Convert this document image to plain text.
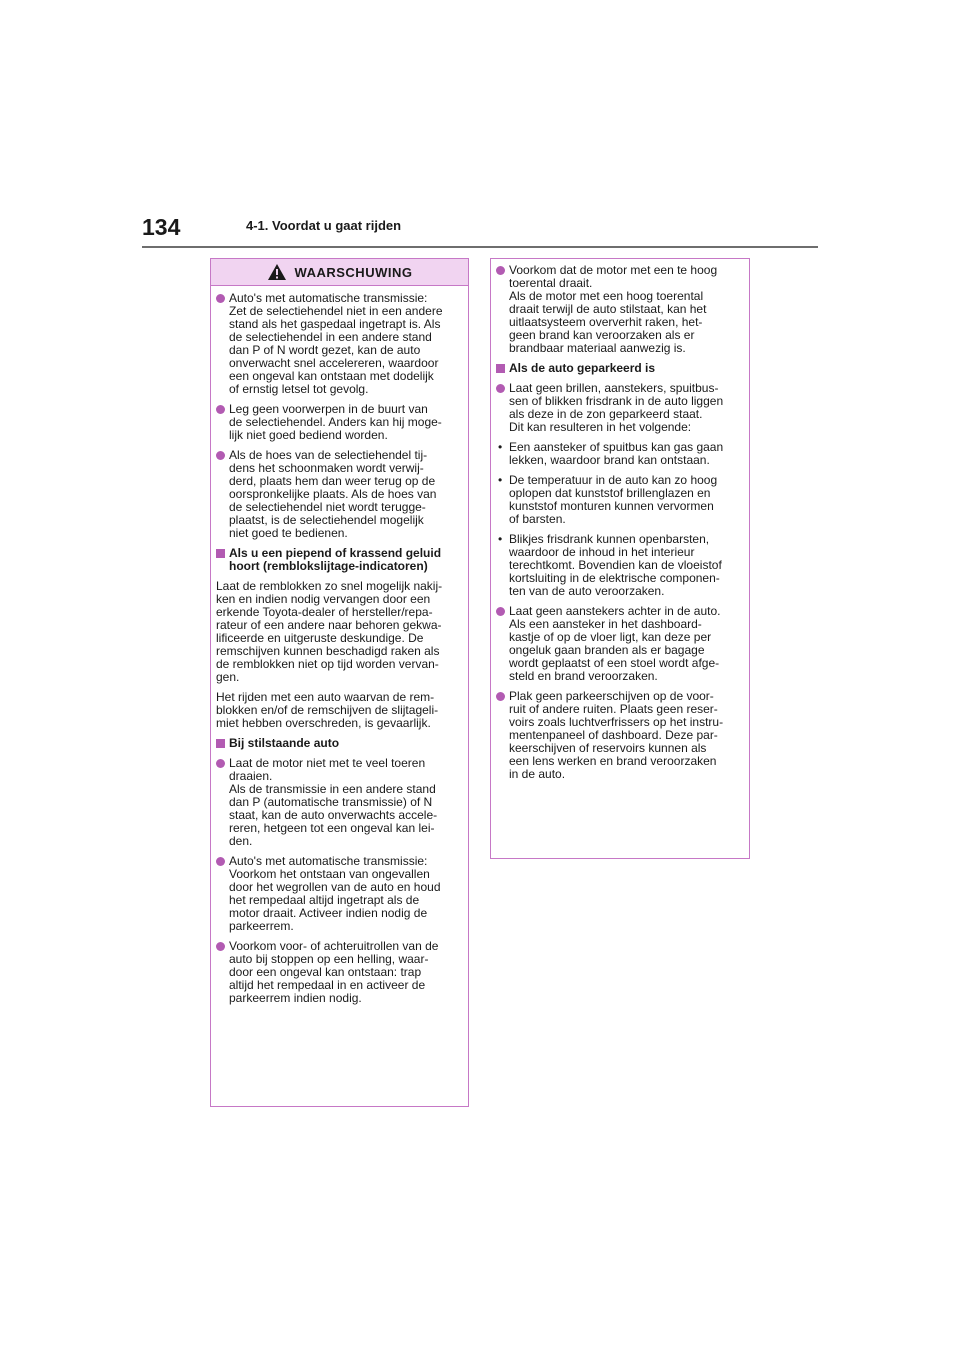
134	4-1. Voordat u gaat rijden
WAARSCHUWING
Auto's met automatische transmissie:
Zet de selectiehendel niet in een andere
stand als het gaspedaal ingetrapt is. Als
de selectiehendel in een andere stand
dan P of N wordt gezet, kan de auto
onverwacht snel accelereren, waardoor
een ongeval kan ontstaan met dodelijk
of ernstig letsel tot gevolg.
Leg geen voorwerpen in de buurt van
de selectiehendel. Anders kan hij moge-
lijk niet goed bediend worden.
Als de hoes van de selectiehendel tij-
dens het schoonmaken wordt verwij-
derd, plaats hem dan weer terug op de
oorspronkelijke plaats. Als de hoes van
de selectiehendel niet wordt terugge-
plaatst, is de selectiehendel mogelijk
niet goed te bedienen.
Als u een piepend of krassend geluid
hoort (remblokslijtage-indicatoren)
Laat de remblokken zo snel mogelijk nakij-
ken en indien nodig vervangen door een
erkende Toyota-dealer of hersteller/repa-
rateur of een andere naar behoren gekwa-
lificeerde en uitgeruste deskundige. De
remschijven kunnen beschadigd raken als
de remblokken niet op tijd worden vervan-
gen.
Het rijden met een auto waarvan de rem-
blokken en/of de remschijven de slijtageli-
miet hebben overschreden, is gevaarlijk.
Bij stilstaande auto
Laat de motor niet met te veel toeren
draaien.
Als de transmissie in een andere stand
dan P (automatische transmissie) of N
staat, kan de auto onverwachts accele-
reren, hetgeen tot een ongeval kan lei-
den.
Auto's met automatische transmissie:
Voorkom het ontstaan van ongevallen
door het wegrollen van de auto en houd
het rempedaal altijd ingetrapt als de
motor draait. Activeer indien nodig de
parkeerrem.
Voorkom voor- of achteruitrollen van de
auto bij stoppen op een helling, waar-
door een ongeval kan ontstaan: trap
altijd het rempedaal in en activeer de
parkeerrem indien nodig.
Voorkom dat de motor met een te hoog
toerental draait.
Als de motor met een hoog toerental
draait terwijl de auto stilstaat, kan het
uitlaatsysteem oververhit raken, het-
geen brand kan veroorzaken als er
brandbaar materiaal aanwezig is.
Als de auto geparkeerd is
Laat geen brillen, aanstekers, spuitbus-
sen of blikken frisdrank in de auto liggen
als deze in de zon geparkeerd staat.
Dit kan resulteren in het volgende:
• Een aansteker of spuitbus kan gas gaan
lekken, waardoor brand kan ontstaan.
• De temperatuur in de auto kan zo hoog
oplopen dat kunststof brillenglazen en
kunststof monturen kunnen vervormen
of barsten.
• Blikjes frisdrank kunnen openbarsten,
waardoor de inhoud in het interieur
terechtkomt. Bovendien kan de vloeistof
kortsluiting in de elektrische componen-
ten van de auto veroorzaken.
Laat geen aanstekers achter in de auto.
Als een aansteker in het dashboard-
kastje of op de vloer ligt, kan deze per
ongeluk gaan branden als er bagage
wordt geplaatst of een stoel wordt afge-
steld en brand veroorzaken.
Plak geen parkeerschijven op de voor-
ruit of andere ruiten. Plaats geen reser-
voirs zoals luchtverfrissers op het instru-
mentenpaneel of dashboard. Deze par-
keerschijven of reservoirs kunnen als
een lens werken en brand veroorzaken
in de auto.
